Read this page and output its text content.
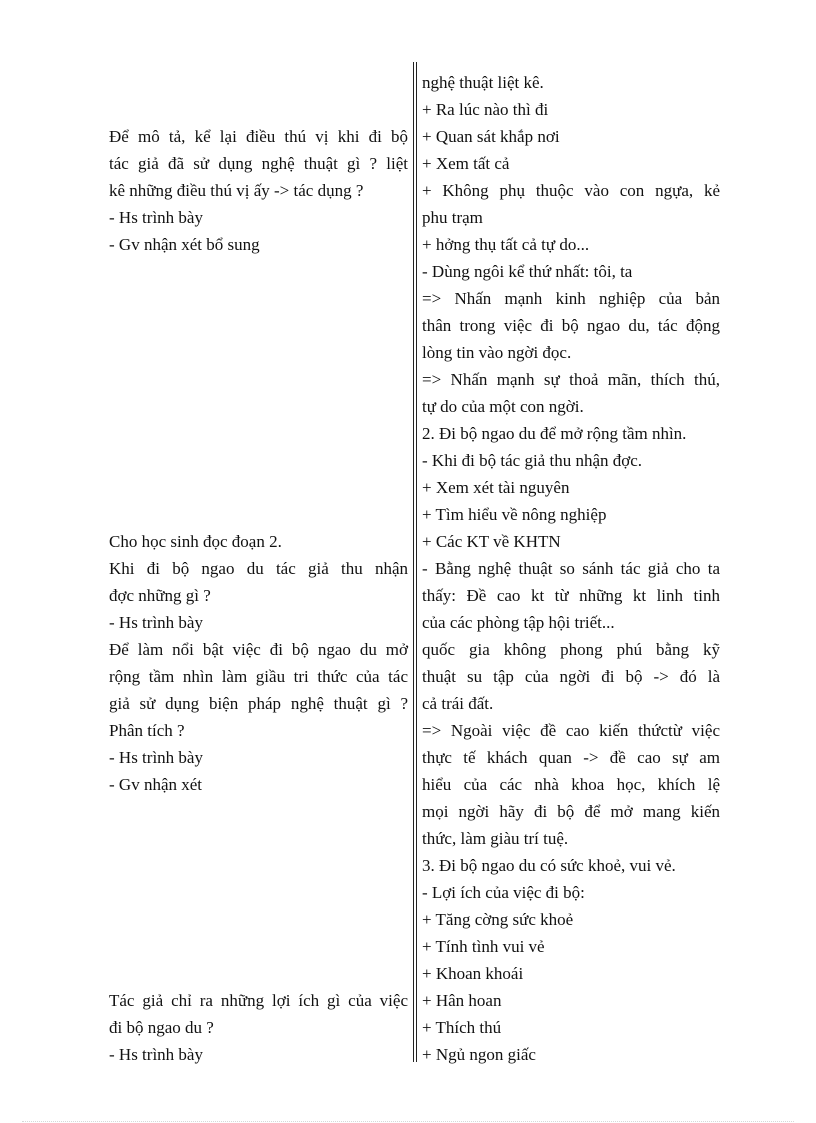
Để mô tả, kể lại điều thú vị khi đi bộ
tác giả đã sử dụng nghệ thuật gì ? liệt
kê những điều thú vị ấy -> tác dụng ?
- Hs trình bày
- Gv nhận xét bổ sung
Cho học sinh đọc đoạn 2.
Khi đi bộ ngao du tác giả thu nhận
đợc những gì ?
- Hs trình bày
Để làm nổi bật việc đi bộ ngao du mở
rộng tầm nhìn làm giầu tri thức của tác
giả sử dụng biện pháp nghệ thuật gì ?
Phân tích ?
- Hs trình bày
- Gv nhận xét
Tác giả chỉ ra những lợi ích gì của việc
đi bộ ngao du ?
- Hs trình bày
nghệ thuật liệt kê.
+ Ra lúc nào thì đi
+ Quan sát khắp nơi
+ Xem tất cả
+ Không phụ thuộc vào con ngựa, kẻ
phu trạm
+ hởng thụ tất cả tự do...
- Dùng ngôi kể thứ nhất: tôi, ta
=> Nhấn mạnh kinh nghiệp của bản
thân trong việc đi bộ ngao du, tác động
lòng tin vào ngời đọc.
=> Nhấn mạnh sự thoả mãn, thích thú,
tự do của một con ngời.
2. Đi bộ ngao du để mở rộng tầm nhìn.
- Khi đi bộ tác giả thu nhận đợc.
+ Xem xét tài nguyên
+ Tìm hiểu về nông nghiệp
+ Các KT về KHTN
- Bằng nghệ thuật so sánh tác giả cho ta
thấy: Đề cao kt từ những kt linh tinh
của các phòng tập hội triết...
quốc gia không phong phú bằng kỹ
thuật su tập của ngời đi bộ -> đó là
cả trái đất.
=> Ngoài việc đề cao kiến thứctừ việc
thực tế khách quan -> đề cao sự am
hiểu của các nhà khoa học, khích lệ
mọi ngời hãy đi bộ để mở mang kiến
thức, làm giàu trí tuệ.
3. Đi bộ ngao du có sức khoẻ, vui vẻ.
- Lợi ích của việc đi bộ:
+ Tăng cờng sức khoẻ
+ Tính tình vui vẻ
+ Khoan khoái
+ Hân hoan
+ Thích thú
+ Ngủ ngon giấc
